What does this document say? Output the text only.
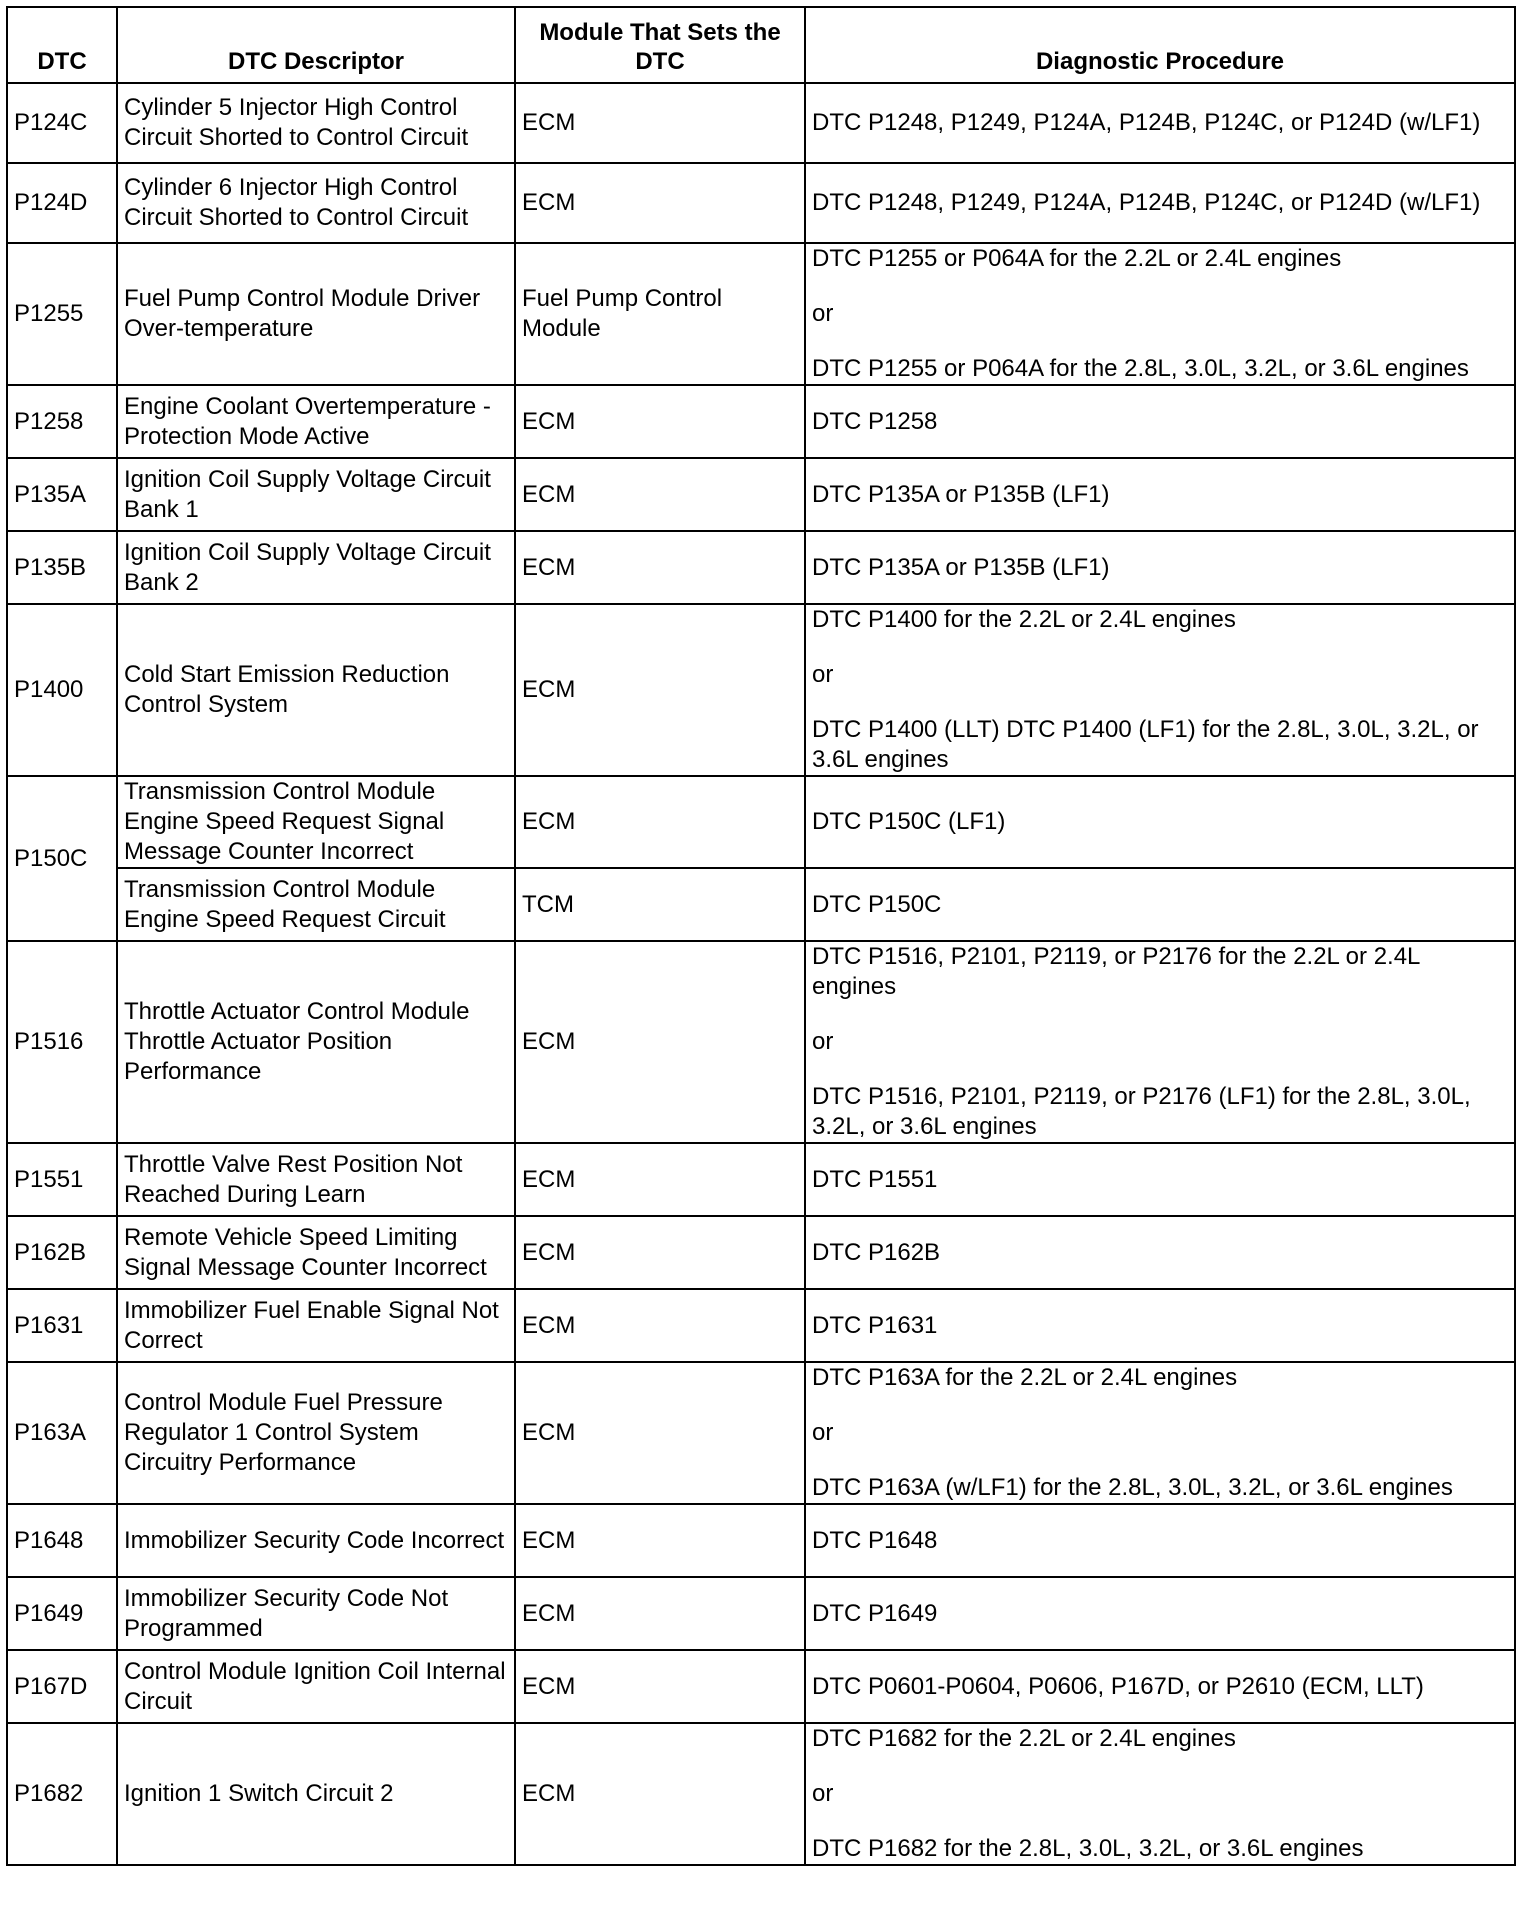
DTC	DTC Descriptor	Module That Sets the DTC	Diagnostic Procedure
P124C	Cylinder 5 Injector High Control Circuit Shorted to Control Circuit	ECM	DTC P1248, P1249, P124A, P124B, P124C, or P124D (w/LF1)

P124D	Cylinder 6 Injector High Control Circuit Shorted to Control Circuit	ECM	DTC P1248, P1249, P124A, P124B, P124C, or P124D (w/LF1)

P1255	Fuel Pump Control Module Driver Over-temperature	Fuel Pump Control Module	DTC P1255 or P064A for the 2.2L or 2.4L engines

or

DTC P1255 or P064A for the 2.8L, 3.0L, 3.2L, or 3.6L engines

P1258	Engine Coolant Overtemperature - Protection Mode Active	ECM	DTC P1258

P135A	Ignition Coil Supply Voltage Circuit Bank 1	ECM	DTC P135A or P135B (LF1)

P135B	Ignition Coil Supply Voltage Circuit Bank 2	ECM	DTC P135A or P135B (LF1)

P1400	Cold Start Emission Reduction Control System	ECM	DTC P1400 for the 2.2L or 2.4L engines

or

DTC P1400 (LLT) DTC P1400 (LF1) for the 2.8L, 3.0L, 3.2L, or 3.6L engines

P150C	Transmission Control Module Engine Speed Request Signal Message Counter Incorrect	ECM	DTC P150C (LF1)

	Transmission Control Module Engine Speed Request Circuit	TCM	DTC P150C

P1516	Throttle Actuator Control Module Throttle Actuator Position Performance	ECM	DTC P1516, P2101, P2119, or P2176 for the 2.2L or 2.4L engines

or

DTC P1516, P2101, P2119, or P2176 (LF1) for the 2.8L, 3.0L, 3.2L, or 3.6L engines

P1551	Throttle Valve Rest Position Not Reached During Learn	ECM	DTC P1551

P162B	Remote Vehicle Speed Limiting Signal Message Counter Incorrect	ECM	DTC P162B

P1631	Immobilizer Fuel Enable Signal Not Correct	ECM	DTC P1631

P163A	Control Module Fuel Pressure Regulator 1 Control System Circuitry Performance	ECM	DTC P163A for the 2.2L or 2.4L engines

or

DTC P163A (w/LF1) for the 2.8L, 3.0L, 3.2L, or 3.6L engines

P1648	Immobilizer Security Code Incorrect	ECM	DTC P1648

P1649	Immobilizer Security Code Not Programmed	ECM	DTC P1649

P167D	Control Module Ignition Coil Internal Circuit	ECM	DTC P0601-P0604, P0606, P167D, or P2610 (ECM, LLT)

P1682	Ignition 1 Switch Circuit 2	ECM	DTC P1682 for the 2.2L or 2.4L engines

or

DTC P1682 for the 2.8L, 3.0L, 3.2L, or 3.6L engines
